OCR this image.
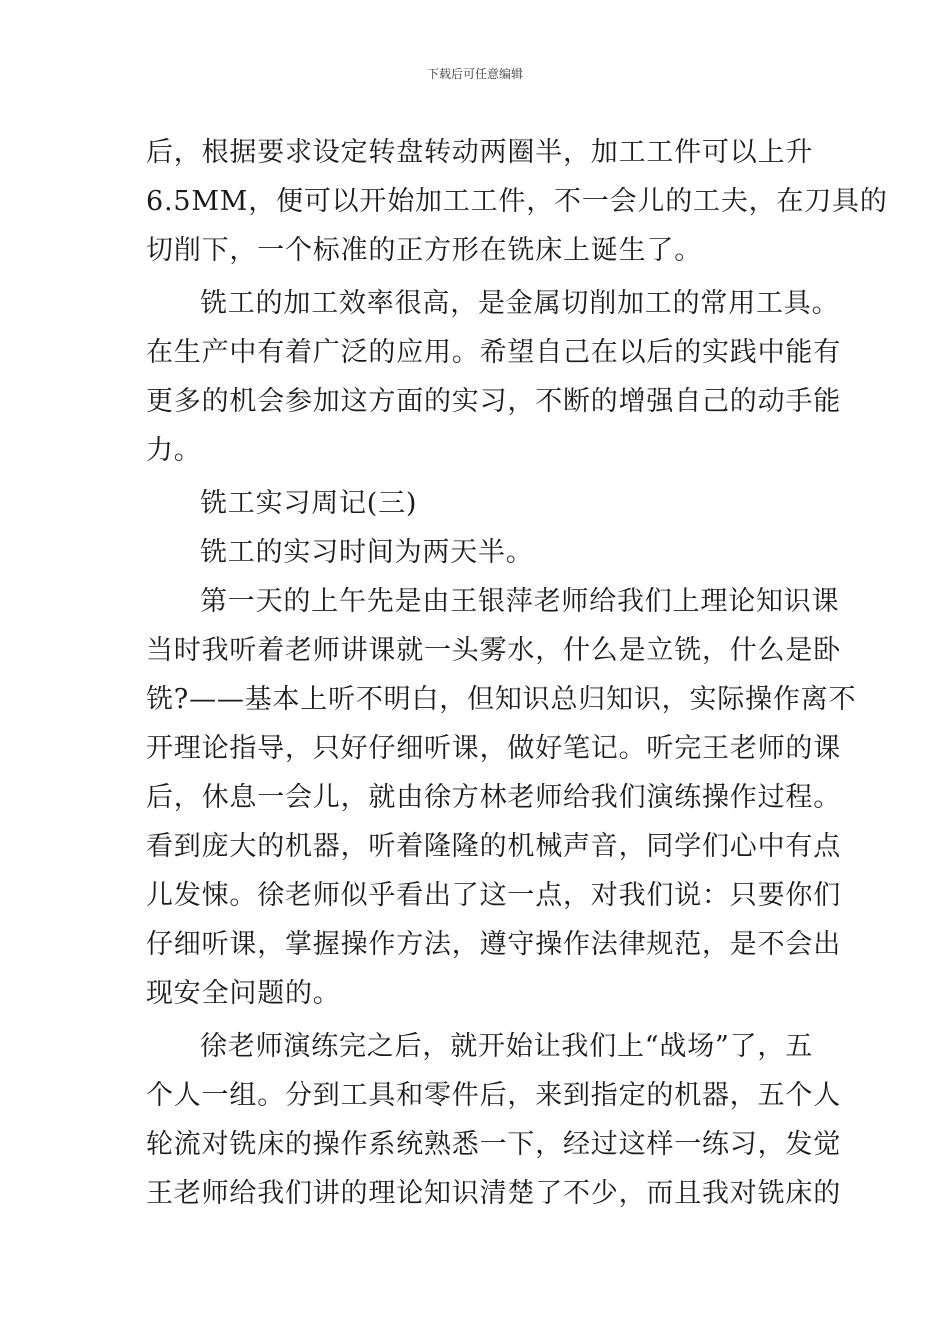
下载后可任意编辑
后，根据要求设定转盘转动两圈半，加工工件可以上升
6.5MM，便可以开始加工工件，不一会儿的工夫，在刀具的
切削下，一个标准的正方形在铣床上诞生了。
铣工的加工效率很高，是金属切削加工的常用工具。
在生产中有着广泛的应用。希望自己在以后的实践中能有
更多的机会参加这方面的实习，不断的增强自己的动手能
力。
铣工实习周记(三)
铣工的实习时间为两天半。
第一天的上午先是由王银萍老师给我们上理论知识课
当时我听着老师讲课就一头雾水，什么是立铣，什么是卧
铣?——基本上听不明白，但知识总归知识，实际操作离不
开理论指导，只好仔细听课，做好笔记。听完王老师的课
后，休息一会儿，就由徐方林老师给我们演练操作过程。
看到庞大的机器，听着隆隆的机械声音，同学们心中有点
儿发悚。徐老师似乎看出了这一点，对我们说：只要你们
仔细听课，掌握操作方法，遵守操作法律规范，是不会出
现安全问题的。
徐老师演练完之后，就开始让我们上“战场”了，五
个人一组。分到工具和零件后，来到指定的机器，五个人
轮流对铣床的操作系统熟悉一下，经过这样一练习，发觉
王老师给我们讲的理论知识清楚了不少，而且我对铣床的
